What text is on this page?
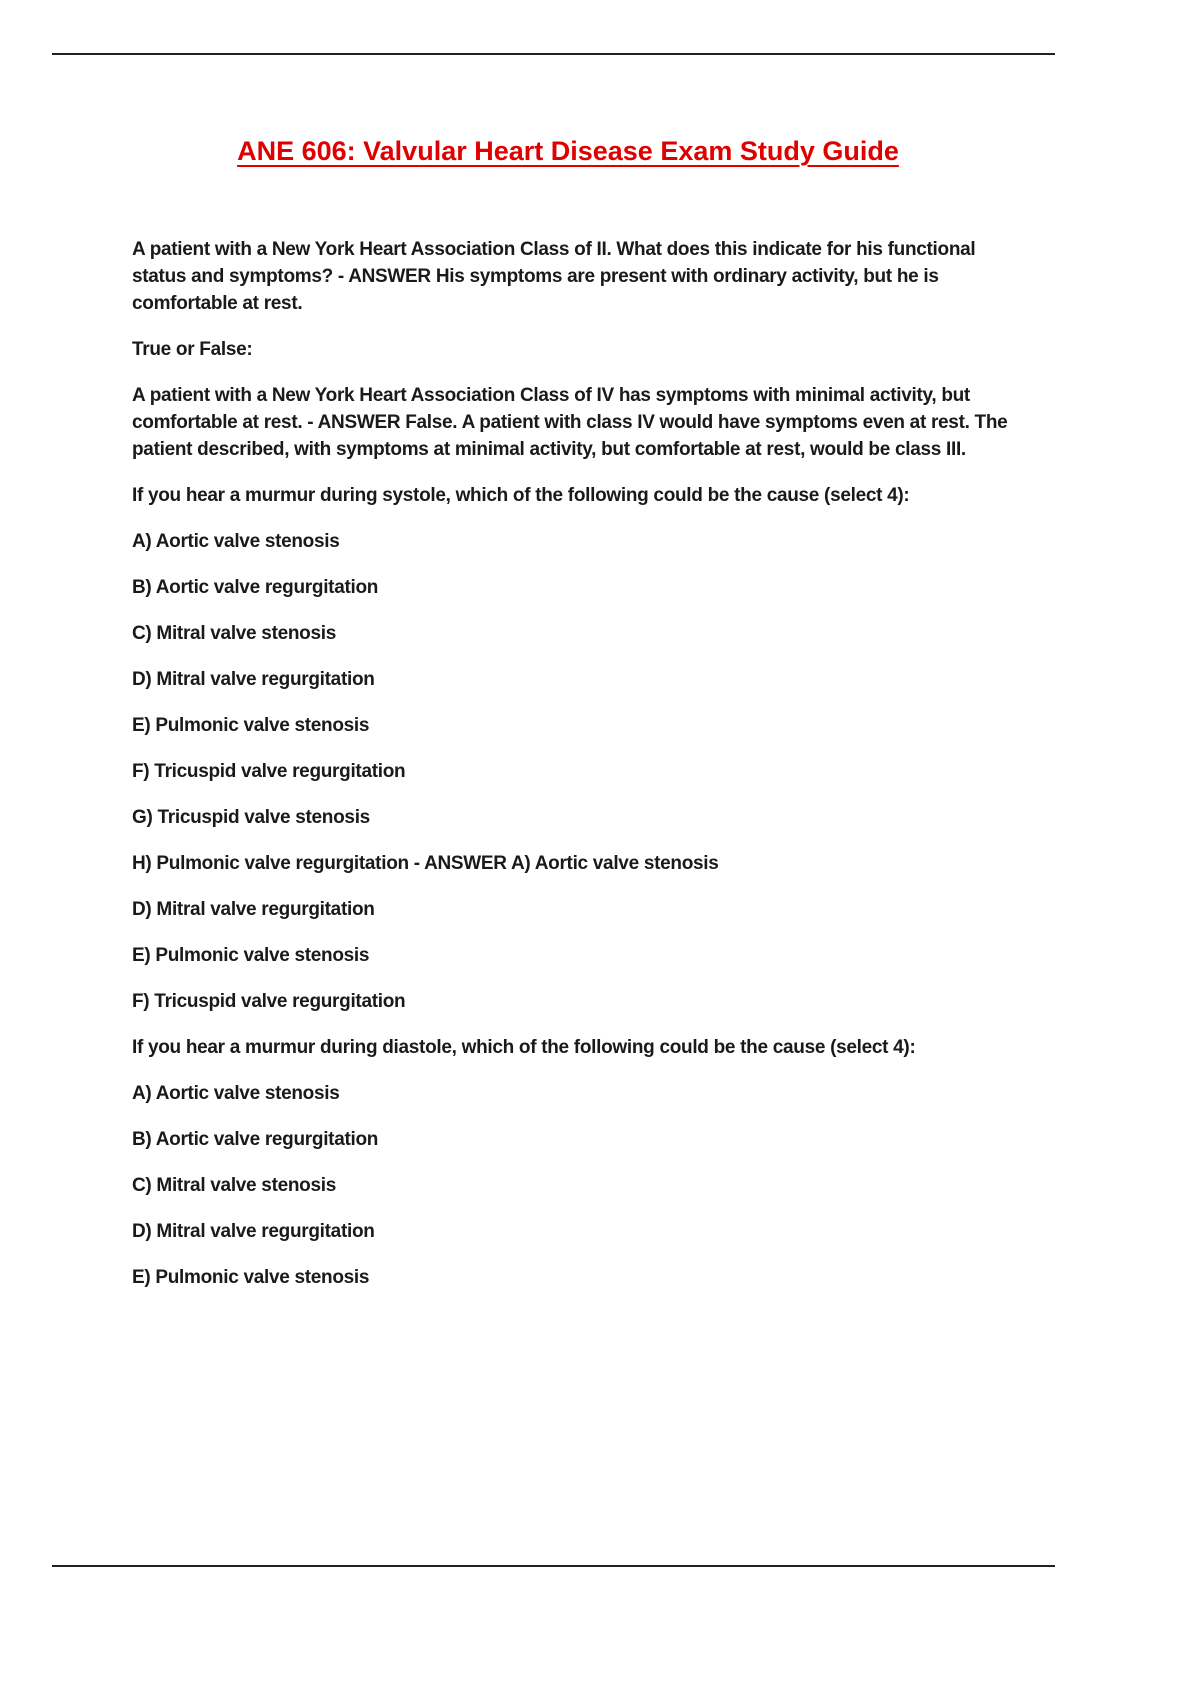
ANE 606: Valvular Heart Disease Exam Study Guide

A patient with a New York Heart Association Class of II. What does this indicate for his functional status and symptoms? - ANSWER His symptoms are present with ordinary activity, but he is comfortable at rest.

True or False:

A patient with a New York Heart Association Class of IV has symptoms with minimal activity, but comfortable at rest. - ANSWER False. A patient with class IV would have symptoms even at rest. The patient described, with symptoms at minimal activity, but comfortable at rest, would be class III.

If you hear a murmur during systole, which of the following could be the cause (select 4):

A) Aortic valve stenosis

B) Aortic valve regurgitation

C) Mitral valve stenosis

D) Mitral valve regurgitation

E) Pulmonic valve stenosis

F) Tricuspid valve regurgitation

G) Tricuspid valve stenosis

H) Pulmonic valve regurgitation - ANSWER A) Aortic valve stenosis

D) Mitral valve regurgitation

E) Pulmonic valve stenosis

F) Tricuspid valve regurgitation

If you hear a murmur during diastole, which of the following could be the cause (select 4):

A) Aortic valve stenosis

B) Aortic valve regurgitation

C) Mitral valve stenosis

D) Mitral valve regurgitation

E) Pulmonic valve stenosis
